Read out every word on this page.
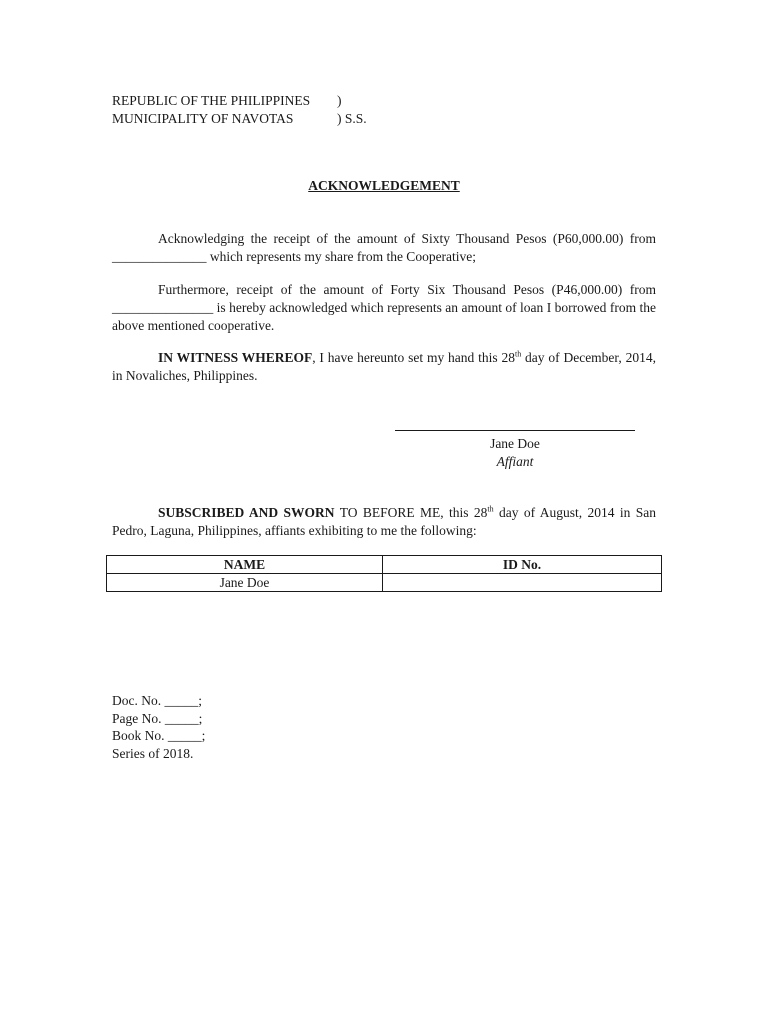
REPUBLIC OF THE PHILIPPINES	)
MUNICIPALITY OF NAVOTAS	) S.S.
ACKNOWLEDGEMENT

Acknowledging the receipt of the amount of Sixty Thousand Pesos (P60,000.00) from ______________ which represents my share from the Cooperative;

Furthermore, receipt of the amount of Forty Six Thousand Pesos (P46,000.00) from _______________ is hereby acknowledged which represents an amount of loan I borrowed from the above mentioned cooperative.

IN WITNESS WHEREOF, I have hereunto set my hand this 28th day of December, 2014, in Novaliches, Philippines.

Jane Doe
Affiant

SUBSCRIBED AND SWORN TO BEFORE ME, this 28th day of August, 2014 in San Pedro, Laguna, Philippines, affiants exhibiting to me the following:

NAME	ID No.
Jane Doe	
Doc. No. _____;
Page No. _____;
Book No. _____;
Series of 2018.
